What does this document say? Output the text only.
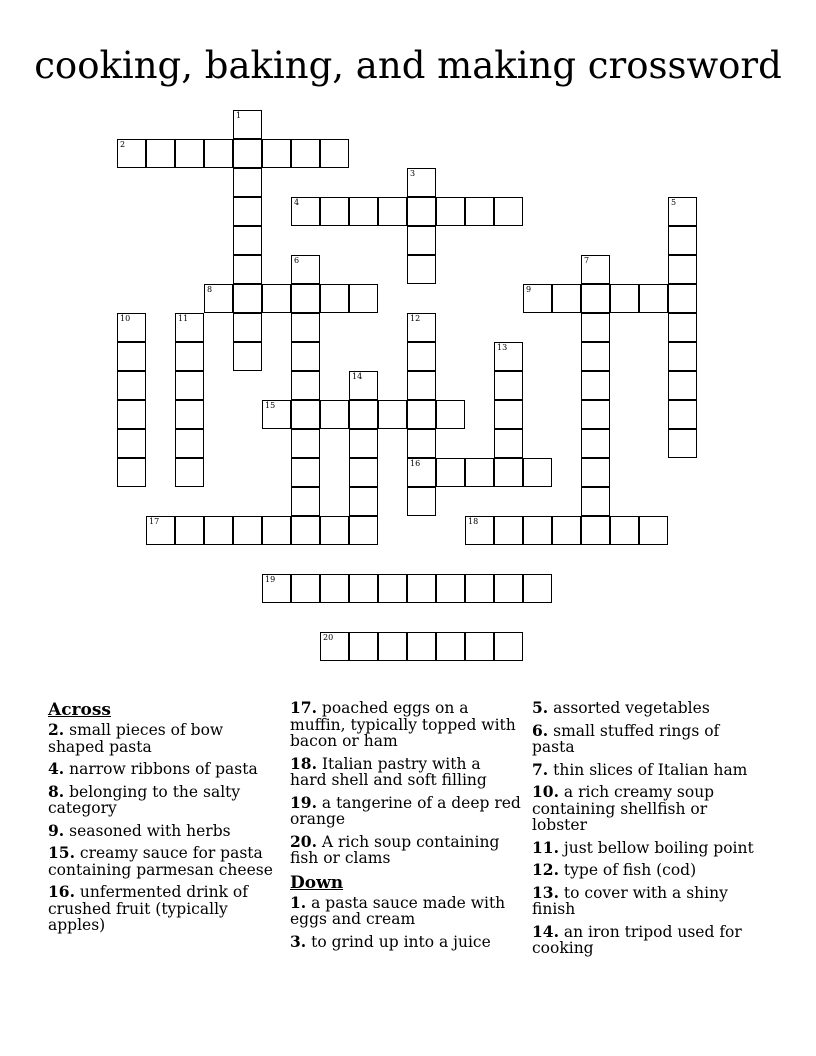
cooking, baking, and making crossword
1
2
3
4	5
6	7
8	9
10	11	12
16
13
14
15
17	18
19
20
Across
2. small pieces of bow shaped pasta
4. narrow ribbons of pasta
8. belonging to the salty category
9. seasoned with herbs
15. creamy sauce for pasta containing parmesan cheese
16. unfermented drink of crushed fruit (typically apples)
17. poached eggs on a muffin, typically topped with bacon or ham
18. Italian pastry with a hard shell and soft filling
19. a tangerine of a deep red orange
20. A rich soup containing fish or clams
Down
1. a pasta sauce made with eggs and cream
3. to grind up into a juice
5. assorted vegetables
6. small stuffed rings of pasta
7. thin slices of Italian ham
10. a rich creamy soup containing shellfish or lobster
11. just bellow boiling point
12. type of fish (cod)
13. to cover with a shiny finish
14. an iron tripod used for cooking
